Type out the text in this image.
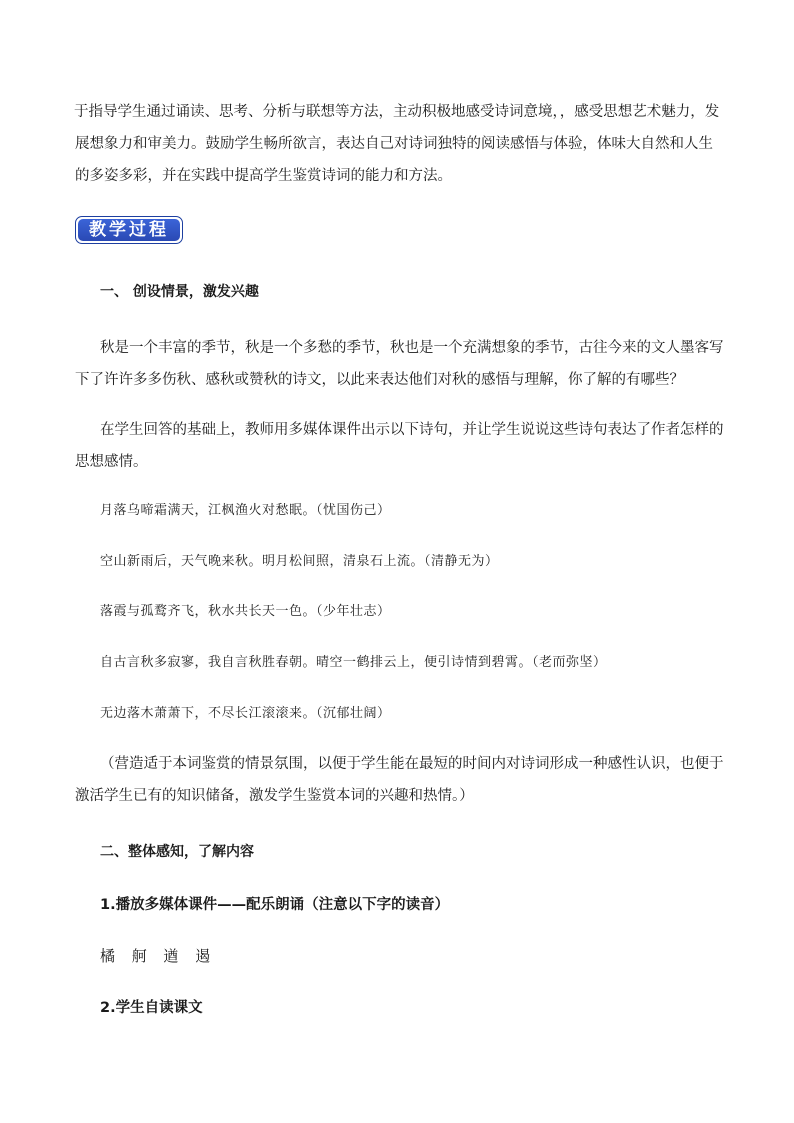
于指导学生通过诵读、思考、分析与联想等方法，主动积极地感受诗词意境，，感受思想艺术魅力，发展想象力和审美力。鼓励学生畅所欲言，表达自己对诗词独特的阅读感悟与体验，体味大自然和人生的多姿多彩，并在实践中提高学生鉴赏诗词的能力和方法。

教学过程

一、 创设情景，激发兴趣

秋是一个丰富的季节，秋是一个多愁的季节，秋也是一个充满想象的季节，古往今来的文人墨客写下了许许多多伤秋、感秋或赞秋的诗文，以此来表达他们对秋的感悟与理解，你了解的有哪些？

在学生回答的基础上，教师用多媒体课件出示以下诗句，并让学生说说这些诗句表达了作者怎样的思想感情。

月落乌啼霜满天，江枫渔火对愁眠。（忧国伤己）

空山新雨后，天气晚来秋。明月松间照，清泉石上流。（清静无为）

落霞与孤鹜齐飞，秋水共长天一色。（少年壮志）

自古言秋多寂寥，我自言秋胜春朝。晴空一鹤排云上，便引诗情到碧霄。（老而弥坚）

无边落木萧萧下，不尽长江滚滚来。（沉郁壮阔）

（营造适于本词鉴赏的情景氛围，以便于学生能在最短的时间内对诗词形成一种感性认识，也便于激活学生已有的知识储备，激发学生鉴赏本词的兴趣和热情。）

二、整体感知，了解内容

1.播放多媒体课件——配乐朗诵（注意以下字的读音）

橘 舸 遒 遏

2.学生自读课文
